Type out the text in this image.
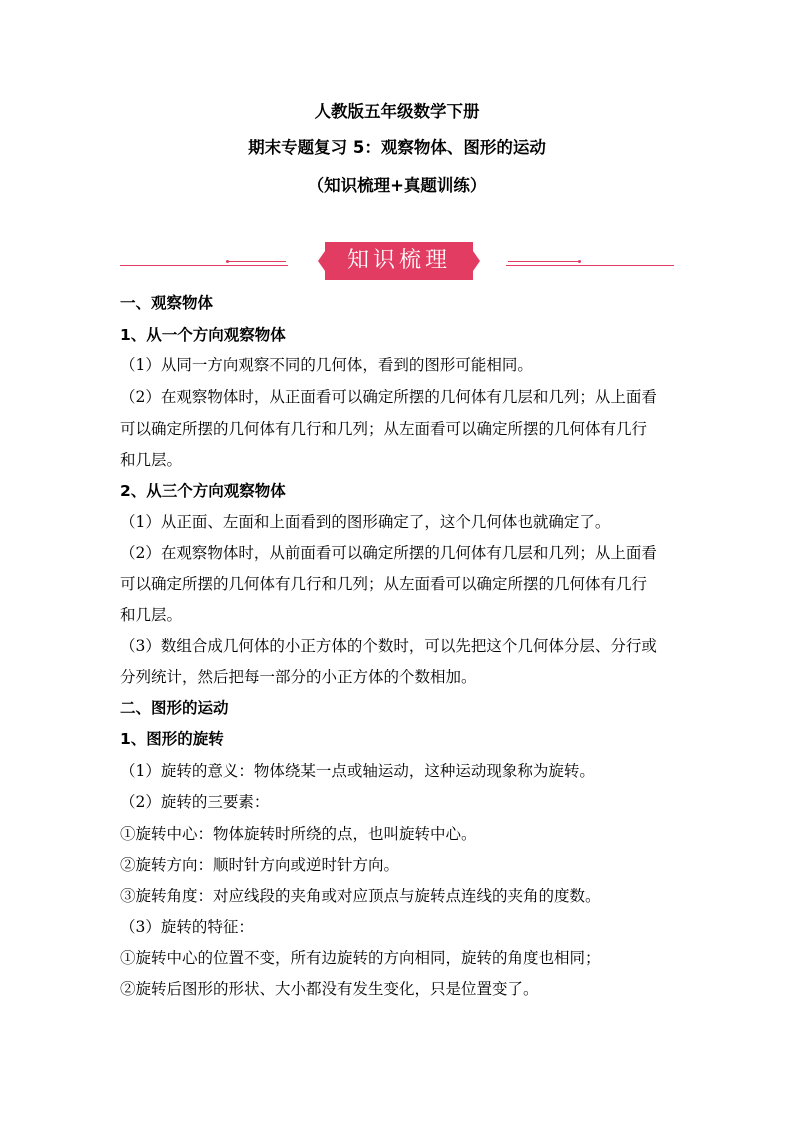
人教版五年级数学下册
期末专题复习 5：观察物体、图形的运动
（知识梳理+真题训练）
知识梳理
一、观察物体
1、从一个方向观察物体
（1）从同一方向观察不同的几何体，看到的图形可能相同。
（2）在观察物体时，从正面看可以确定所摆的几何体有几层和几列；从上面看
可以确定所摆的几何体有几行和几列；从左面看可以确定所摆的几何体有几行
和几层。
2、从三个方向观察物体
（1）从正面、左面和上面看到的图形确定了，这个几何体也就确定了。
（2）在观察物体时，从前面看可以确定所摆的几何体有几层和几列；从上面看
可以确定所摆的几何体有几行和几列；从左面看可以确定所摆的几何体有几行
和几层。
（3）数组合成几何体的小正方体的个数时，可以先把这个几何体分层、分行或
分列统计，然后把每一部分的小正方体的个数相加。
二、图形的运动
1、图形的旋转
（1）旋转的意义：物体绕某一点或轴运动，这种运动现象称为旋转。
（2）旋转的三要素：
①旋转中心：物体旋转时所绕的点，也叫旋转中心。
②旋转方向：顺时针方向或逆时针方向。
③旋转角度：对应线段的夹角或对应顶点与旋转点连线的夹角的度数。
（3）旋转的特征：
①旋转中心的位置不变，所有边旋转的方向相同，旋转的角度也相同；
②旋转后图形的形状、大小都没有发生变化，只是位置变了。
